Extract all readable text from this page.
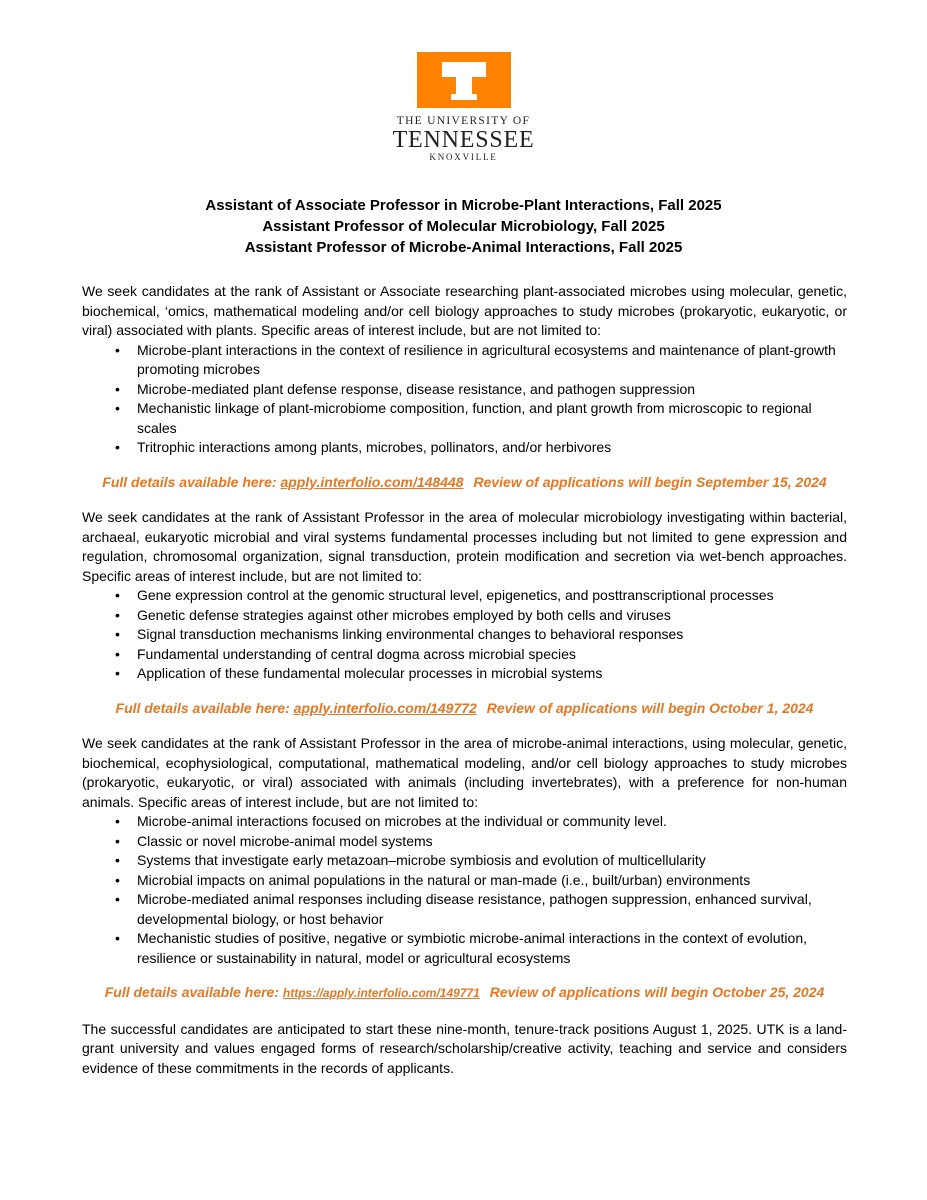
THE UNIVERSITY OF
TENNESSEE
KNOXVILLE
Assistant of Associate Professor in Microbe-Plant Interactions, Fall 2025
Assistant Professor of Molecular Microbiology, Fall 2025
Assistant Professor of Microbe-Animal Interactions, Fall 2025

We seek candidates at the rank of Assistant or Associate researching plant-associated microbes using molecular, genetic, biochemical, ‘omics, mathematical modeling and/or cell biology approaches to study microbes (prokaryotic, eukaryotic, or viral) associated with plants. Specific areas of interest include, but are not limited to:

• Microbe-plant interactions in the context of resilience in agricultural ecosystems and maintenance of plant-growth promoting microbes
• Microbe-mediated plant defense response, disease resistance, and pathogen suppression
• Mechanistic linkage of plant-microbiome composition, function, and plant growth from microscopic to regional scales
• Tritrophic interactions among plants, microbes, pollinators, and/or herbivores
Full details available here: apply.interfolio.com/148448 Review of applications will begin September 15, 2024

We seek candidates at the rank of Assistant Professor in the area of molecular microbiology investigating within bacterial, archaeal, eukaryotic microbial and viral systems fundamental processes including but not limited to gene expression and regulation, chromosomal organization, signal transduction, protein modification and secretion via wet-bench approaches. Specific areas of interest include, but are not limited to:

• Gene expression control at the genomic structural level, epigenetics, and posttranscriptional processes
• Genetic defense strategies against other microbes employed by both cells and viruses
• Signal transduction mechanisms linking environmental changes to behavioral responses
• Fundamental understanding of central dogma across microbial species
• Application of these fundamental molecular processes in microbial systems
Full details available here: apply.interfolio.com/149772 Review of applications will begin October 1, 2024

We seek candidates at the rank of Assistant Professor in the area of microbe-animal interactions, using molecular, genetic, biochemical, ecophysiological, computational, mathematical modeling, and/or cell biology approaches to study microbes (prokaryotic, eukaryotic, or viral) associated with animals (including invertebrates), with a preference for non-human animals. Specific areas of interest include, but are not limited to:

• Microbe-animal interactions focused on microbes at the individual or community level.
• Classic or novel microbe-animal model systems
• Systems that investigate early metazoan–microbe symbiosis and evolution of multicellularity
• Microbial impacts on animal populations in the natural or man-made (i.e., built/urban) environments
• Microbe-mediated animal responses including disease resistance, pathogen suppression, enhanced survival, developmental biology, or host behavior
• Mechanistic studies of positive, negative or symbiotic microbe-animal interactions in the context of evolution, resilience or sustainability in natural, model or agricultural ecosystems
Full details available here: https://apply.interfolio.com/149771 Review of applications will begin October 25, 2024

The successful candidates are anticipated to start these nine-month, tenure-track positions August 1, 2025. UTK is a land-grant university and values engaged forms of research/scholarship/creative activity, teaching and service and considers evidence of these commitments in the records of applicants.
